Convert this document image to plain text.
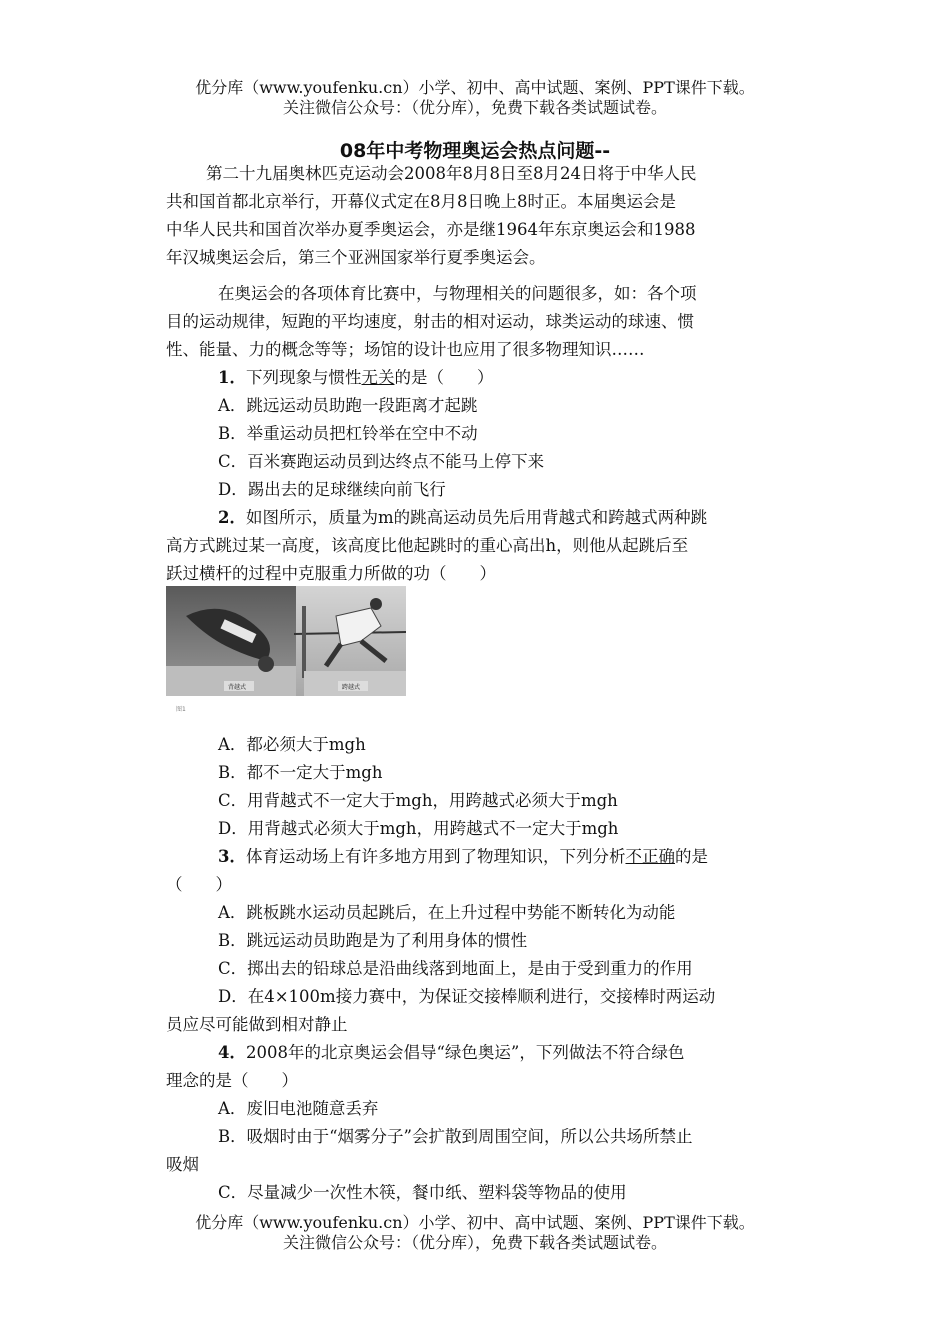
优分库（www.youfenku.cn）小学、初中、高中试题、案例、PPT课件下载。
关注微信公众号：（优分库），免费下载各类试题试卷。
08年中考物理奥运会热点问题--
第二十九届奥林匹克运动会2008年8月8日至8月24日将于中华人民
共和国首都北京举行，开幕仪式定在8月8日晚上8时正。本届奥运会是
中华人民共和国首次举办夏季奥运会，亦是继1964年东京奥运会和1988
年汉城奥运会后，第三个亚洲国家举行夏季奥运会。
在奥运会的各项体育比赛中，与物理相关的问题很多，如：各个项
目的运动规律，短跑的平均速度，射击的相对运动，球类运动的球速、惯
性、能量、力的概念等等；场馆的设计也应用了很多物理知识……
1．下列现象与惯性无关的是（　　）
A．跳远运动员助跑一段距离才起跳
B．举重运动员把杠铃举在空中不动
C．百米赛跑运动员到达终点不能马上停下来
D．踢出去的足球继续向前飞行
2．如图所示，质量为m的跳高运动员先后用背越式和跨越式两种跳
高方式跳过某一高度，该高度比他起跳时的重心高出h，则他从起跳后至
跃过横杆的过程中克服重力所做的功（　　）
背越式	跨越式
图1
A．都必须大于mgh
B．都不一定大于mgh
C．用背越式不一定大于mgh，用跨越式必须大于mgh
D．用背越式必须大于mgh，用跨越式不一定大于mgh
3．体育运动场上有许多地方用到了物理知识，下列分析不正确的是
（　　）
A．跳板跳水运动员起跳后，在上升过程中势能不断转化为动能
B．跳远运动员助跑是为了利用身体的惯性
C．掷出去的铅球总是沿曲线落到地面上，是由于受到重力的作用
D．在4×100m接力赛中，为保证交接棒顺利进行，交接棒时两运动
员应尽可能做到相对静止
4．2008年的北京奥运会倡导“绿色奥运”，下列做法不符合绿色
理念的是（　　）
A．废旧电池随意丢弃
B．吸烟时由于“烟雾分子”会扩散到周围空间，所以公共场所禁止
吸烟
C．尽量减少一次性木筷，餐巾纸、塑料袋等物品的使用
优分库（www.youfenku.cn）小学、初中、高中试题、案例、PPT课件下载。
关注微信公众号：（优分库），免费下载各类试题试卷。
